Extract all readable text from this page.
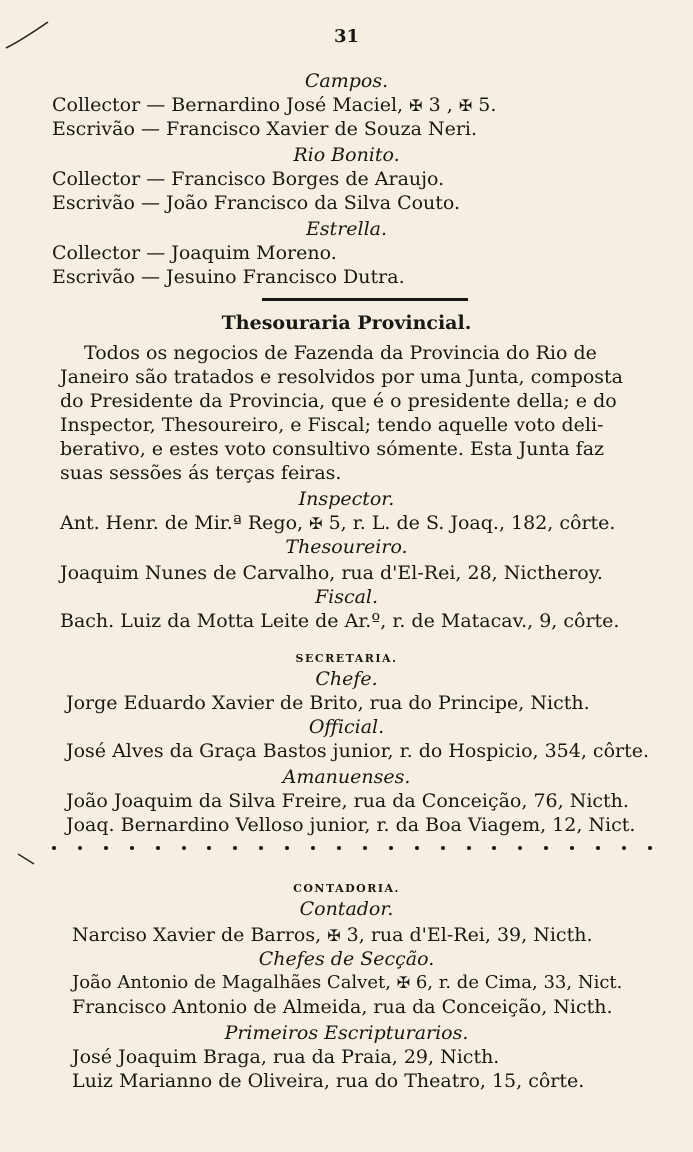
31
Campos.
Collector — Bernardino José Maciel, ✠ 3 , ✠ 5.
Escrivão — Francisco Xavier de Souza Neri.
Rio Bonito.
Collector — Francisco Borges de Araujo.
Escrivão — João Francisco da Silva Couto.
Estrella.
Collector — Joaquim Moreno.
Escrivão — Jesuino Francisco Dutra.
Thesouraria Provincial.
Todos os negocios de Fazenda da Provincia do Rio de
Janeiro são tratados e resolvidos por uma Junta, composta
do Presidente da Provincia, que é o presidente della; e do
Inspector, Thesoureiro, e Fiscal; tendo aquelle voto deli-
berativo, e estes voto consultivo sómente. Esta Junta faz
suas sessões ás terças feiras.
Inspector.
Ant. Henr. de Mir.ª Rego, ✠ 5, r. L. de S. Joaq., 182, côrte.
Thesoureiro.
Joaquim Nunes de Carvalho, rua d'El-Rei, 28, Nictheroy.
Fiscal.
Bach. Luiz da Motta Leite de Ar.º, r. de Matacav., 9, côrte.
SECRETARIA.
Chefe.
Jorge Eduardo Xavier de Brito, rua do Principe, Nicth.
Official.
José Alves da Graça Bastos junior, r. do Hospicio, 354, côrte.
Amanuenses.
João Joaquim da Silva Freire, rua da Conceição, 76, Nicth.
Joaq. Bernardino Velloso junior, r. da Boa Viagem, 12, Nict.
CONTADORIA.
Contador.
Narciso Xavier de Barros, ✠ 3, rua d'El-Rei, 39, Nicth.
Chefes de Secção.
João Antonio de Magalhães Calvet, ✠ 6, r. de Cima, 33, Nict.
Francisco Antonio de Almeida, rua da Conceição, Nicth.
Primeiros Escripturarios.
José Joaquim Braga, rua da Praia, 29, Nicth.
Luiz Marianno de Oliveira, rua do Theatro, 15, côrte.
